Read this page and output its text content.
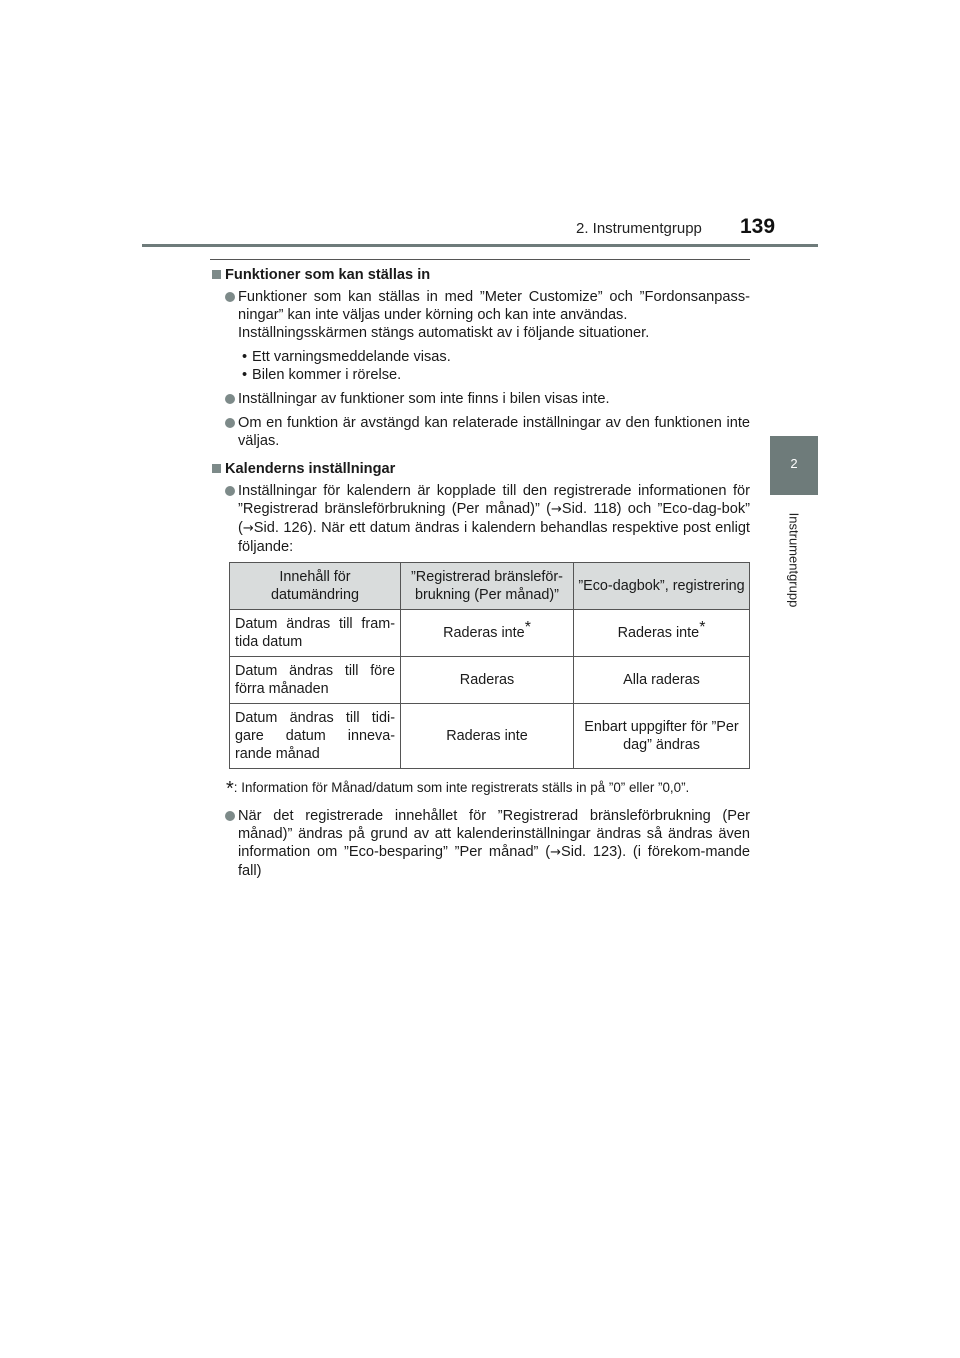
2. Instrumentgrupp 139
2
Instrumentgrupp
Funktioner som kan ställas in
Funktioner som kan ställas in med ”Meter Customize” och ”Fordonsanpass-ningar” kan inte väljas under körning och kan inte användas.
Inställningsskärmen stängs automatiskt av i följande situationer.
• Ett varningsmeddelande visas.
• Bilen kommer i rörelse.
Inställningar av funktioner som inte finns i bilen visas inte.
Om en funktion är avstängd kan relaterade inställningar av den funktionen inte väljas.
Kalenderns inställningar
Inställningar för kalendern är kopplade till den registrerade informationen för ”Registrerad bränsleförbrukning (Per månad)” (→Sid. 118) och ”Eco-dag-bok” (→Sid. 126). När ett datum ändras i kalendern behandlas respektive post enligt följande:
Innehåll för datumändring	”Registrerad bränsleför-brukning (Per månad)”	”Eco-dagbok”, registrering
Datum ändras till fram-tida datum	Raderas inte*	Raderas inte*
Datum ändras till före förra månaden	Raderas	Alla raderas
Datum ändras till tidi-gare datum inneva-rande månad	Raderas inte	Enbart uppgifter för ”Per dag” ändras
*: Information för Månad/datum som inte registrerats ställs in på ”0” eller ”0,0”.
När det registrerade innehållet för ”Registrerad bränsleförbrukning (Per månad)” ändras på grund av att kalenderinställningar ändras så ändras även information om ”Eco-besparing” ”Per månad” (→Sid. 123). (i förekom-mande fall)
